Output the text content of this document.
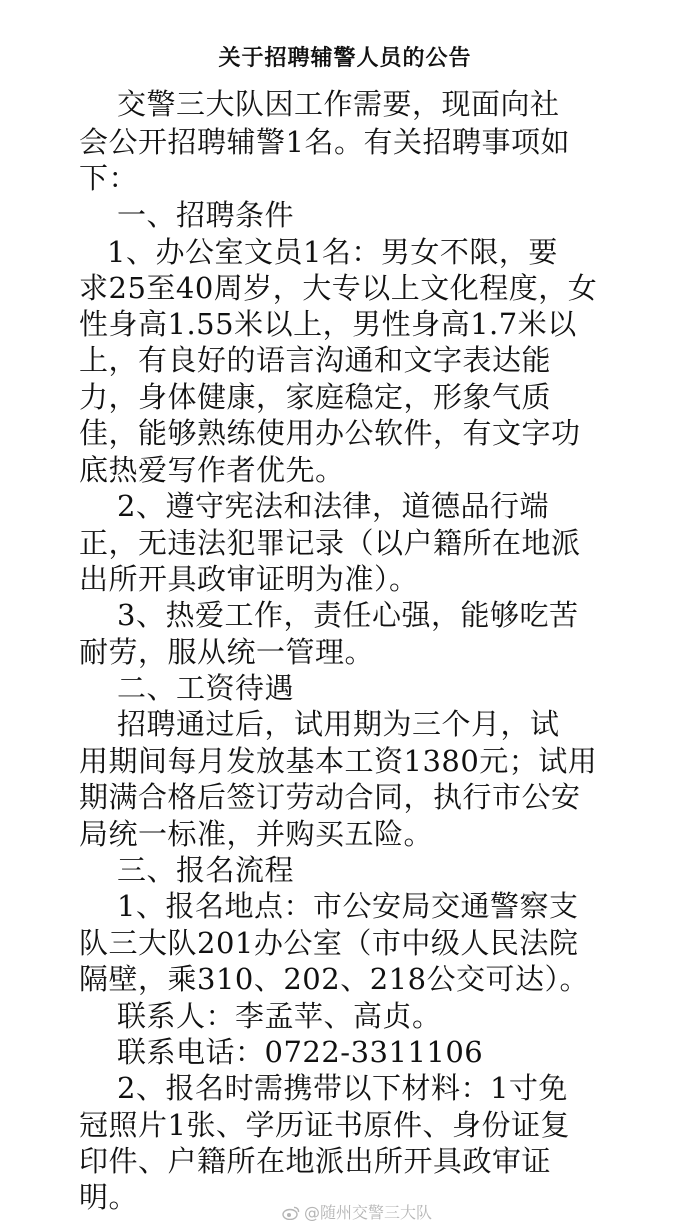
关于招聘辅警人员的公告
交警三大队因工作需要，现面向社
会公开招聘辅警1名。有关招聘事项如
下：
一、招聘条件
1、办公室文员1名：男女不限，要
求25至40周岁，大专以上文化程度，女
性身高1.55米以上，男性身高1.7米以
上，有良好的语言沟通和文字表达能
力，身体健康，家庭稳定，形象气质
佳，能够熟练使用办公软件，有文字功
底热爱写作者优先。
2、遵守宪法和法律，道德品行端
正，无违法犯罪记录（以户籍所在地派
出所开具政审证明为准）。
3、热爱工作，责任心强，能够吃苦
耐劳，服从统一管理。
二、工资待遇
招聘通过后，试用期为三个月，试
用期间每月发放基本工资1380元；试用
期满合格后签订劳动合同，执行市公安
局统一标准，并购买五险。
三、报名流程
1、报名地点：市公安局交通警察支
队三大队201办公室（市中级人民法院
隔壁，乘310、202、218公交可达）。
联系人：李孟苹、高贞。
联系电话：0722-3311106
2、报名时需携带以下材料：1寸免
冠照片1张、学历证书原件、身份证复
印件、户籍所在地派出所开具政审证
明。	@随州交警三大队
